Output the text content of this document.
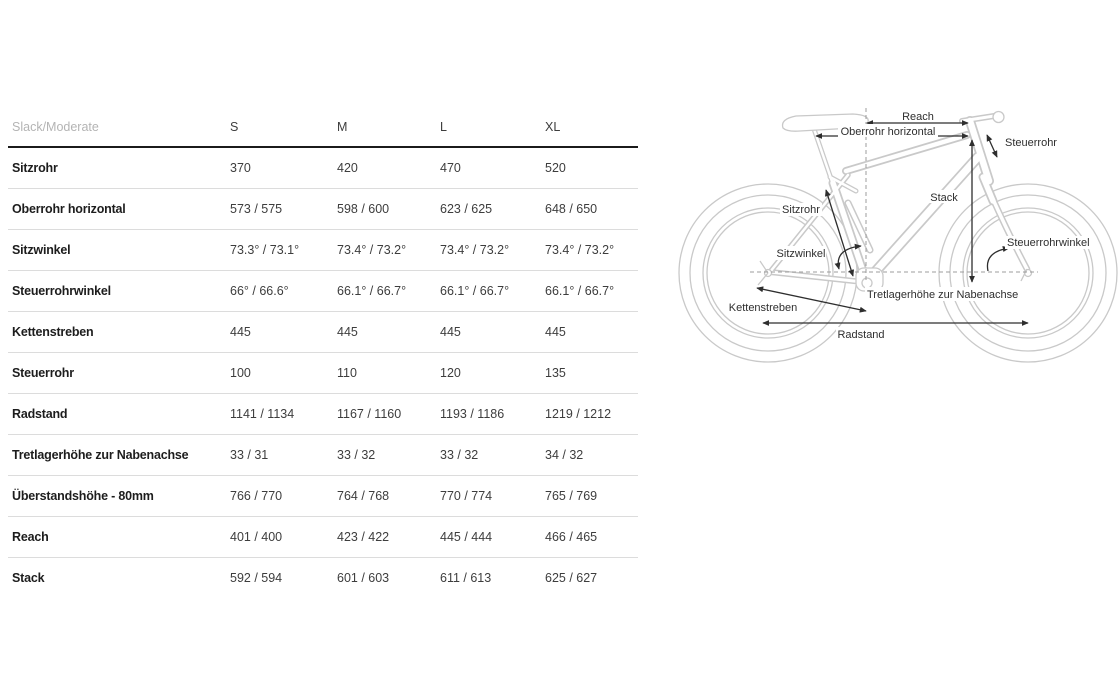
Slack/Moderate	S	M	L	XL
Sitzrohr	370	420	470	520
Oberrohr horizontal	573 / 575	598 / 600	623 / 625	648 / 650
Sitzwinkel	73.3° / 73.1°	73.4° / 73.2°	73.4° / 73.2°	73.4° / 73.2°
Steuerrohrwinkel	66° / 66.6°	66.1° / 66.7°	66.1° / 66.7°	66.1° / 66.7°
Kettenstreben	445	445	445	445
Steuerrohr	100	110	120	135
Radstand	1141 / 1134	1167 / 1160	1193 / 1186	1219 / 1212
Tretlagerhöhe zur Nabenachse	33 / 31	33 / 32	33 / 32	34 / 32
Überstandshöhe - 80mm	766 / 770	764 / 768	770 / 774	765 / 769
Reach	401 / 400	423 / 422	445 / 444	466 / 465
Stack	592 / 594	601 / 603	611 / 613	625 / 627
Reach
Oberrohr horizontal
Steuerrohr
Stack
Sitzrohr
Sitzwinkel
Steuerrohrwinkel
Tretlagerhöhe zur Nabenachse
Kettenstreben
Radstand
